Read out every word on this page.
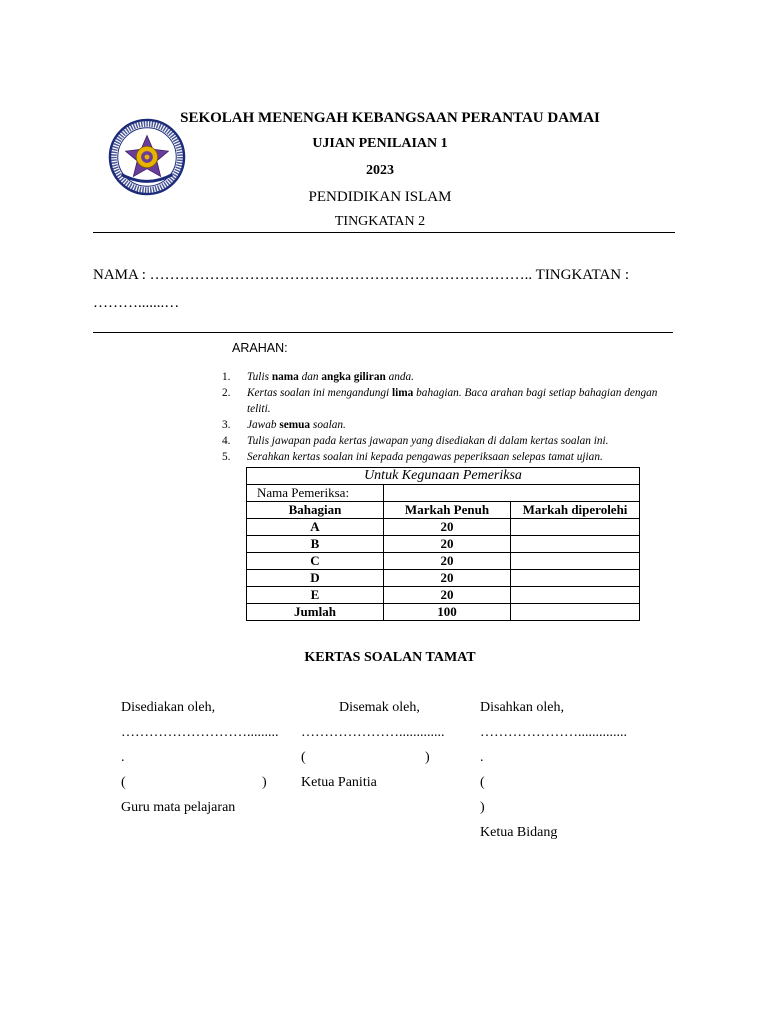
SEKOLAH MENENGAH KEBANGSAAN PERANTAU DAMAI
UJIAN PENILAIAN 1
2023
PENDIDIKAN ISLAM
TINGKATAN 2
NAMA : ………………………………………………………………….. TINGKATAN :
……….......…
ARAHAN:
1. Tulis nama dan angka giliran anda.
2. Kertas soalan ini mengandungi lima bahagian. Baca arahan bagi setiap bahagian dengan teliti.
3. Jawab semua soalan.
4. Tulis jawapan pada kertas jawapan yang disediakan di dalam kertas soalan ini.
5. Serahkan kertas soalan ini kepada pengawas peperiksaan selepas tamat ujian.
Untuk Kegunaan Pemeriksa		
Nama Pemeriksa:		
Bahagian	Markah Penuh	Markah diperolehi
A	20	
B	20	
C	20	
D	20	
E	20	
Jumlah	100	
KERTAS SOALAN TAMAT
Disediakan oleh,
……………………….........
.
(	)
Guru mata pelajaran
Disemak oleh,
………………….............
(	)
Ketua Panitia
Disahkan oleh,
…………………..............
.
(
)
Ketua Bidang
